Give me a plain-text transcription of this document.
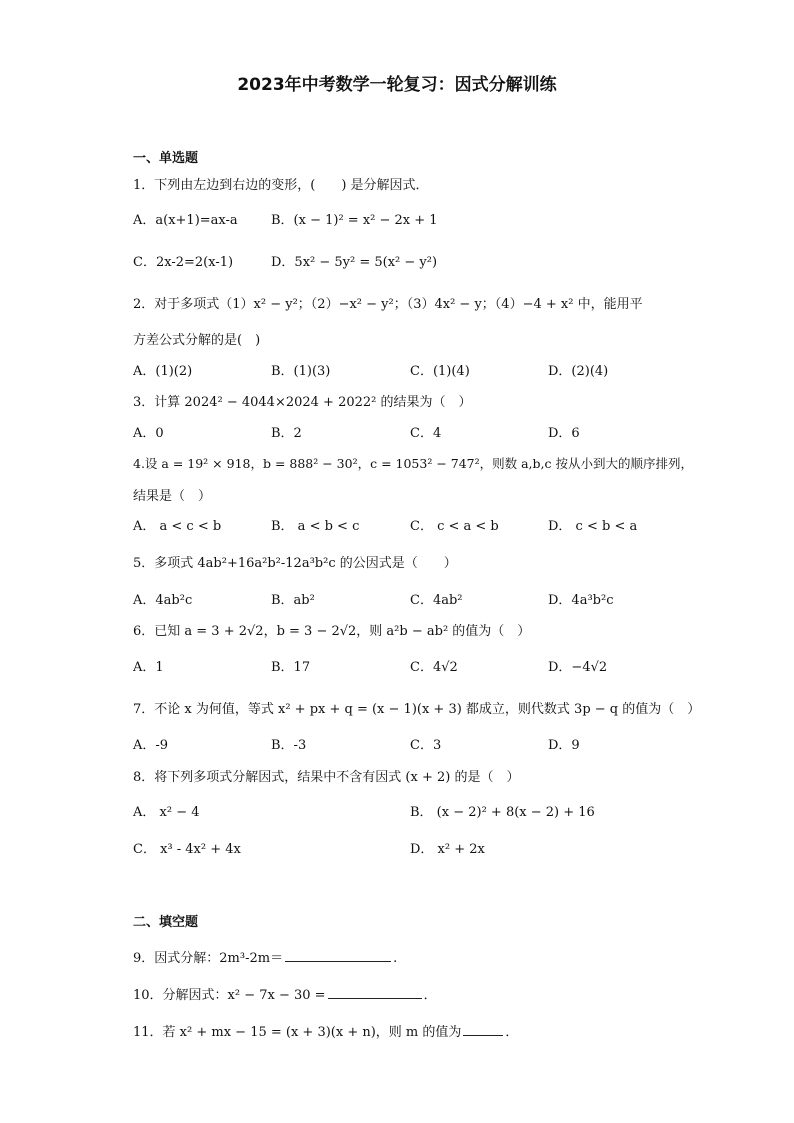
2023年中考数学一轮复习：因式分解训练
一、单选题
1．下列由左边到右边的变形，(　　) 是分解因式．
A．a(x+1)=ax-a	B．(x − 1)² = x² − 2x + 1
C．2x-2=2(x-1)	D．5x² − 5y² = 5(x² − y²)
2．对于多项式（1）x² − y²；（2）−x² − y²；（3）4x² − y；（4）−4 + x² 中，能用平
方差公式分解的是(　)
A．(1)(2)	B．(1)(3)	C．(1)(4)	D．(2)(4)
3．计算 2024² − 4044×2024 + 2022² 的结果为（　）
A．0	B．2	C．4	D．6
4.设 a = 19² × 918，b = 888² − 30²，c = 1053² − 747²，则数 a,b,c 按从小到大的顺序排列，
结果是（　）
A． a < c < b	B． a < b < c	C． c < a < b	D． c < b < a
5．多项式 4ab²+16a²b²-12a³b²c 的公因式是（　　）
A．4ab²c	B．ab²	C．4ab²	D．4a³b²c
6．已知 a = 3 + 2√2，b = 3 − 2√2，则 a²b − ab² 的值为（　）
A．1	B．17	C．4√2	D．−4√2
7．不论 x 为何值，等式 x² + px + q = (x − 1)(x + 3) 都成立，则代数式 3p − q 的值为（　）
A．-9	B．-3	C．3	D．9
8．将下列多项式分解因式，结果中不含有因式 (x + 2) 的是（　）
A． x² − 4	B． (x − 2)² + 8(x − 2) + 16
C． x³ - 4x² + 4x	D． x² + 2x
二、填空题
9．因式分解：2m³-2m＝	.
10．分解因式：x² − 7x − 30 =	．
11．若 x² + mx − 15 = (x + 3)(x + n)，则 m 的值为	．
